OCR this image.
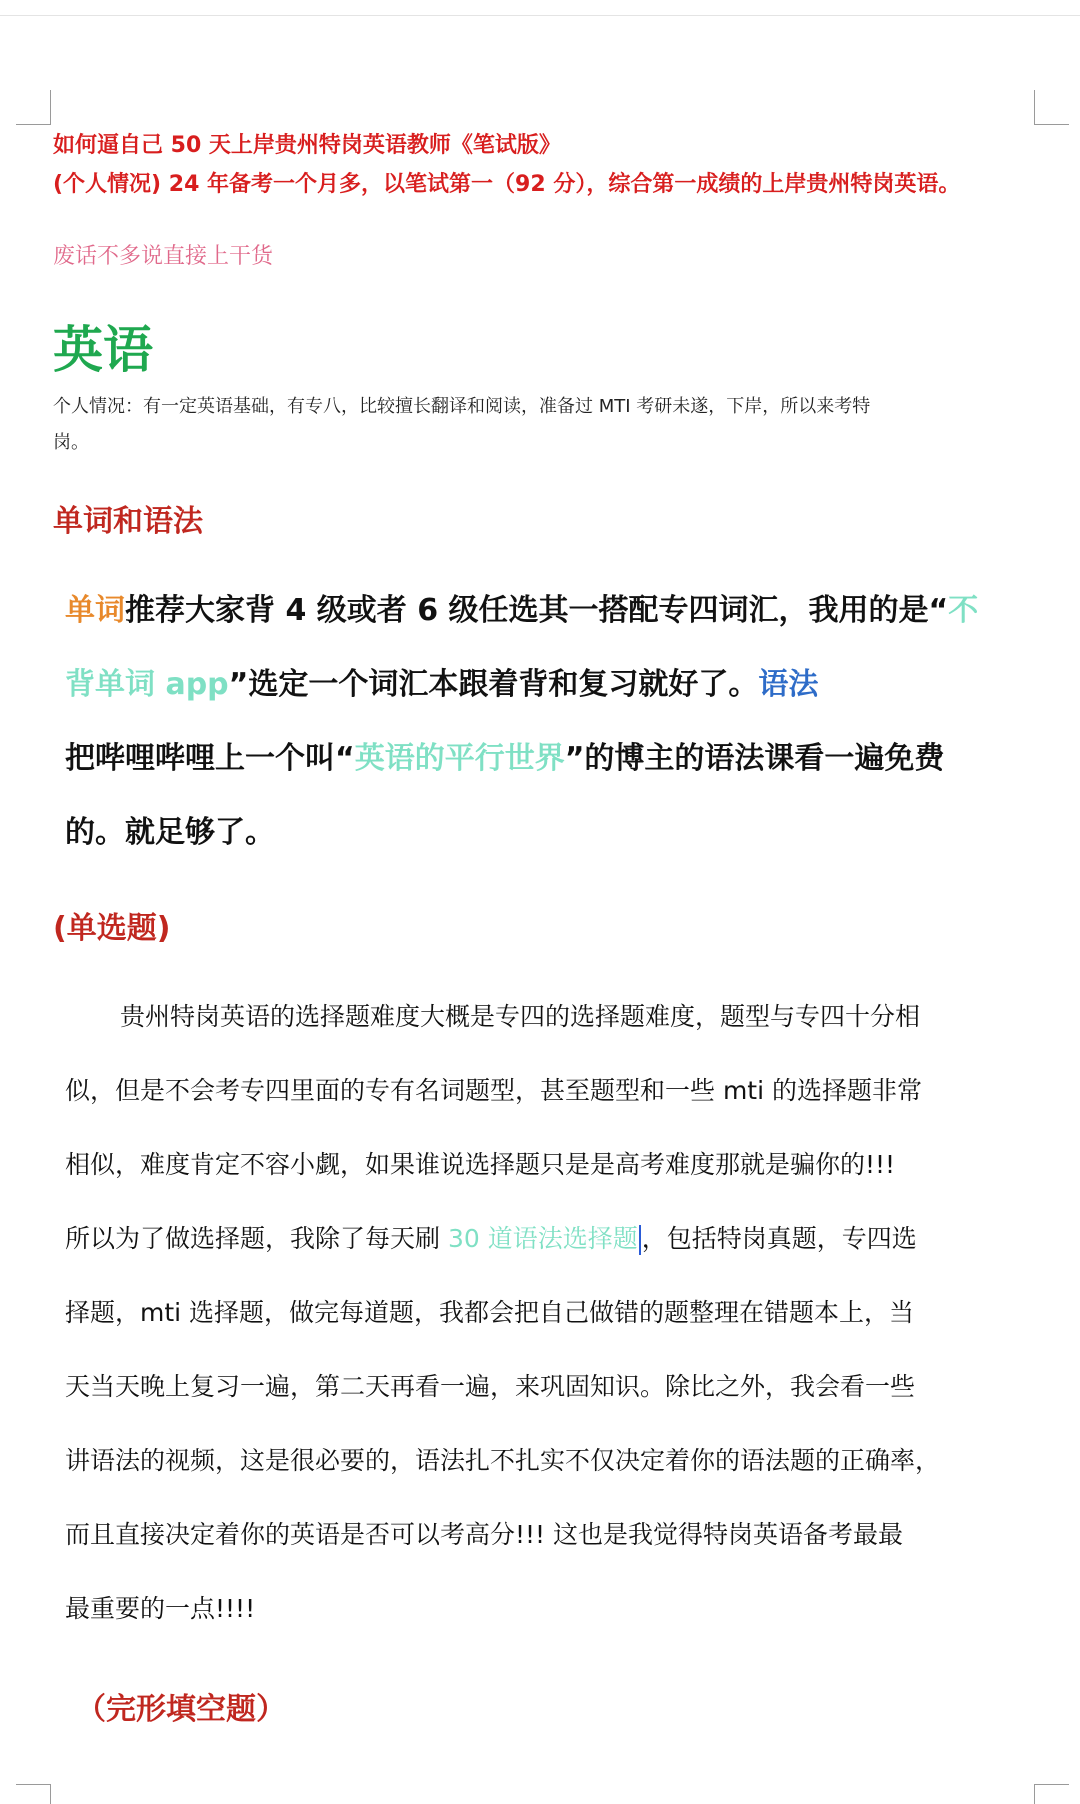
如何逼自己 50 天上岸贵州特岗英语教师《笔试版》
(个人情况) 24 年备考一个月多，以笔试第一（92 分），综合第一成绩的上岸贵州特岗英语。
废话不多说直接上干货
英语
个人情况：有一定英语基础，有专八，比较擅长翻译和阅读，准备过 MTI 考研未遂，下岸，所以来考特
岗。
单词和语法
单词推荐大家背 4 级或者 6 级任选其一搭配专四词汇，我用的是“不
背单词 app”选定一个词汇本跟着背和复习就好了。语法
把哔哩哔哩上一个叫“英语的平行世界”的博主的语法课看一遍免费
的。就足够了。
(单选题)
贵州特岗英语的选择题难度大概是专四的选择题难度，题型与专四十分相
似，但是不会考专四里面的专有名词题型，甚至题型和一些 mti 的选择题非常
相似，难度肯定不容小觑，如果谁说选择题只是是高考难度那就是骗你的!!!
所以为了做选择题，我除了每天刷 30 道语法选择题 ，包括特岗真题，专四选
择题，mti 选择题，做完每道题，我都会把自己做错的题整理在错题本上，当
天当天晚上复习一遍，第二天再看一遍，来巩固知识。除比之外，我会看一些
讲语法的视频，这是很必要的，语法扎不扎实不仅决定着你的语法题的正确率，
而且直接决定着你的英语是否可以考高分!!! 这也是我觉得特岗英语备考最最
最重要的一点!!!!
（完形填空题）
